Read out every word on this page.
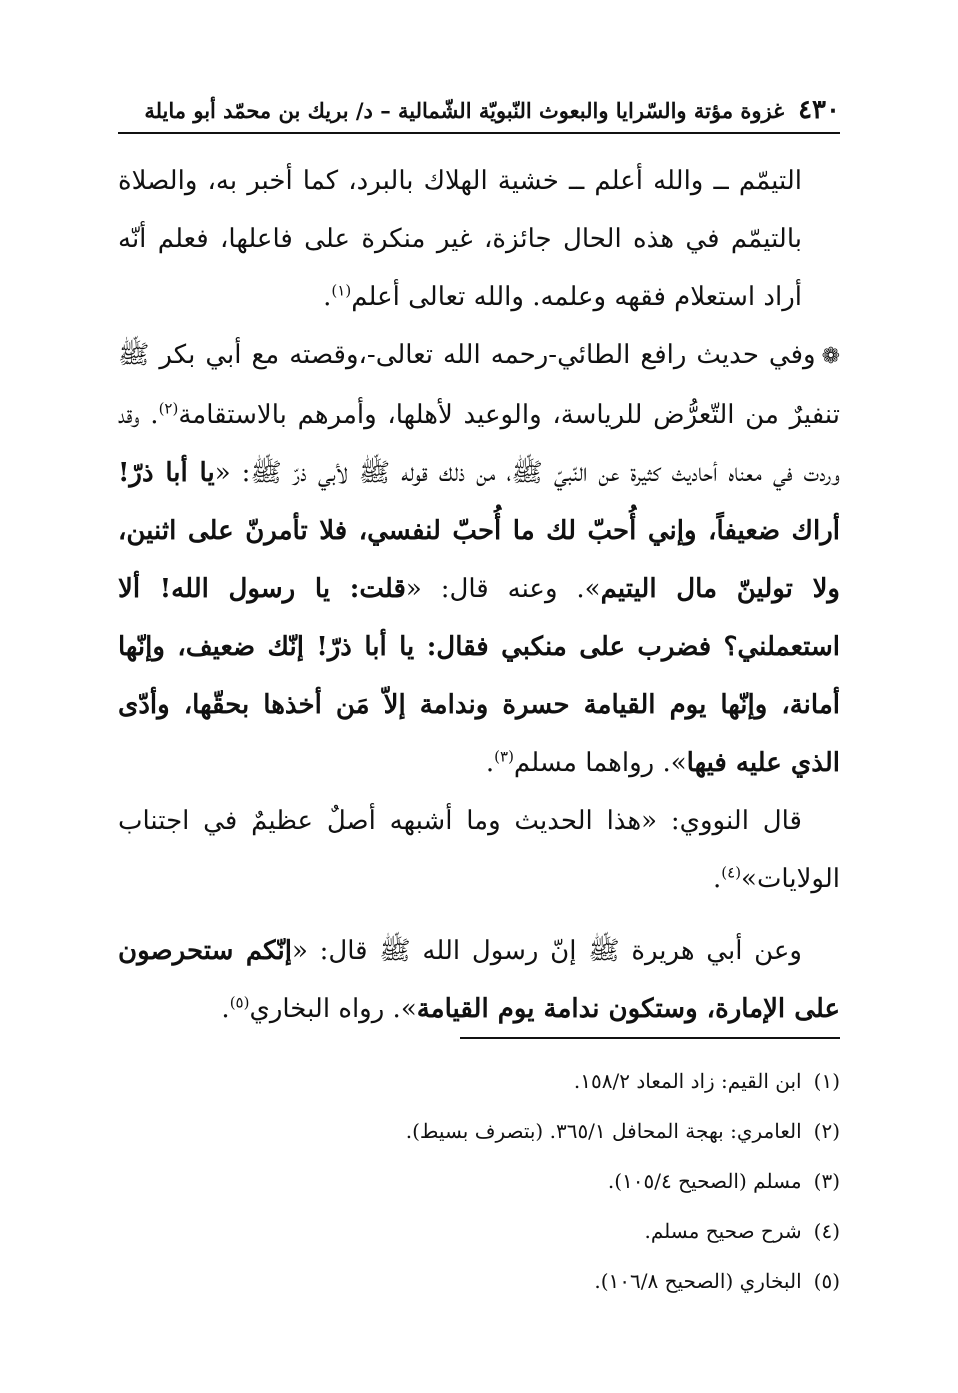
٤٣٠
غزوة مؤتة والسّرايا والبعوث النّبويّة الشّمالية – د/ بريك بن محمّد أبو مايلة

التيمّم ــ والله أعلم ــ خشية الهلاك بالبرد، كما أخبر به، والصلاة بالتيمّم في هذه الحال جائزة، غير منكرة على فاعلها، فعلم أنّه أراد استعلام فقهه وعلمه. والله تعالى أعلم$^{(١)}$.

❁وفي حديث رافع الطائي-رحمه الله تعالى-،وقصته مع أبي بكر ﷺ تنفيرٌ من التّعرُّض للرياسة، والوعيد لأهلها، وأمرهم بالاستقامة$^{(٢)}$. وقد وردت في معناه أحاديث كثيرة عن النّبيّ ﷺ، من ذلك قوله ﷺ لأبي ذرّ ﷺ: «يا أبا ذرّ! أراك ضعيفاً، وإني أُحبّ لك ما أُحبّ لنفسي، فلا تأمرنّ على اثنين، ولا تولينّ مال اليتيم». وعنه قال: «قلت: يا رسول الله! ألا استعملني؟ فضرب على منكبي فقال: يا أبا ذرّ! إنّك ضعيف، وإنّها أمانة، وإنّها يوم القيامة حسرة وندامة إلاّ مَن أخذها بحقّها، وأدّى الذي عليه فيها». رواهما مسلم$^{(٣)}$.

قال النووي: «هذا الحديث وما أشبهه أصلٌ عظيمٌ في اجتناب الولايات»$^{(٤)}$.

وعن أبي هريرة ﷺ إنّ رسول الله ﷺ قال: «إنّكم ستحرصون على الإمارة، وستكون ندامة يوم القيامة». رواه البخاري$^{(٥)}$.

(١)
ابن القيم: زاد المعاد ١٥٨/٢.
(٢)
العامري: بهجة المحافل ٣٦٥/١. (بتصرف بسيط).
(٣)
مسلم (الصحيح ١٠٥/٤).
(٤)
شرح صحيح مسلم.
(٥)
البخاري (الصحيح ١٠٦/٨).
